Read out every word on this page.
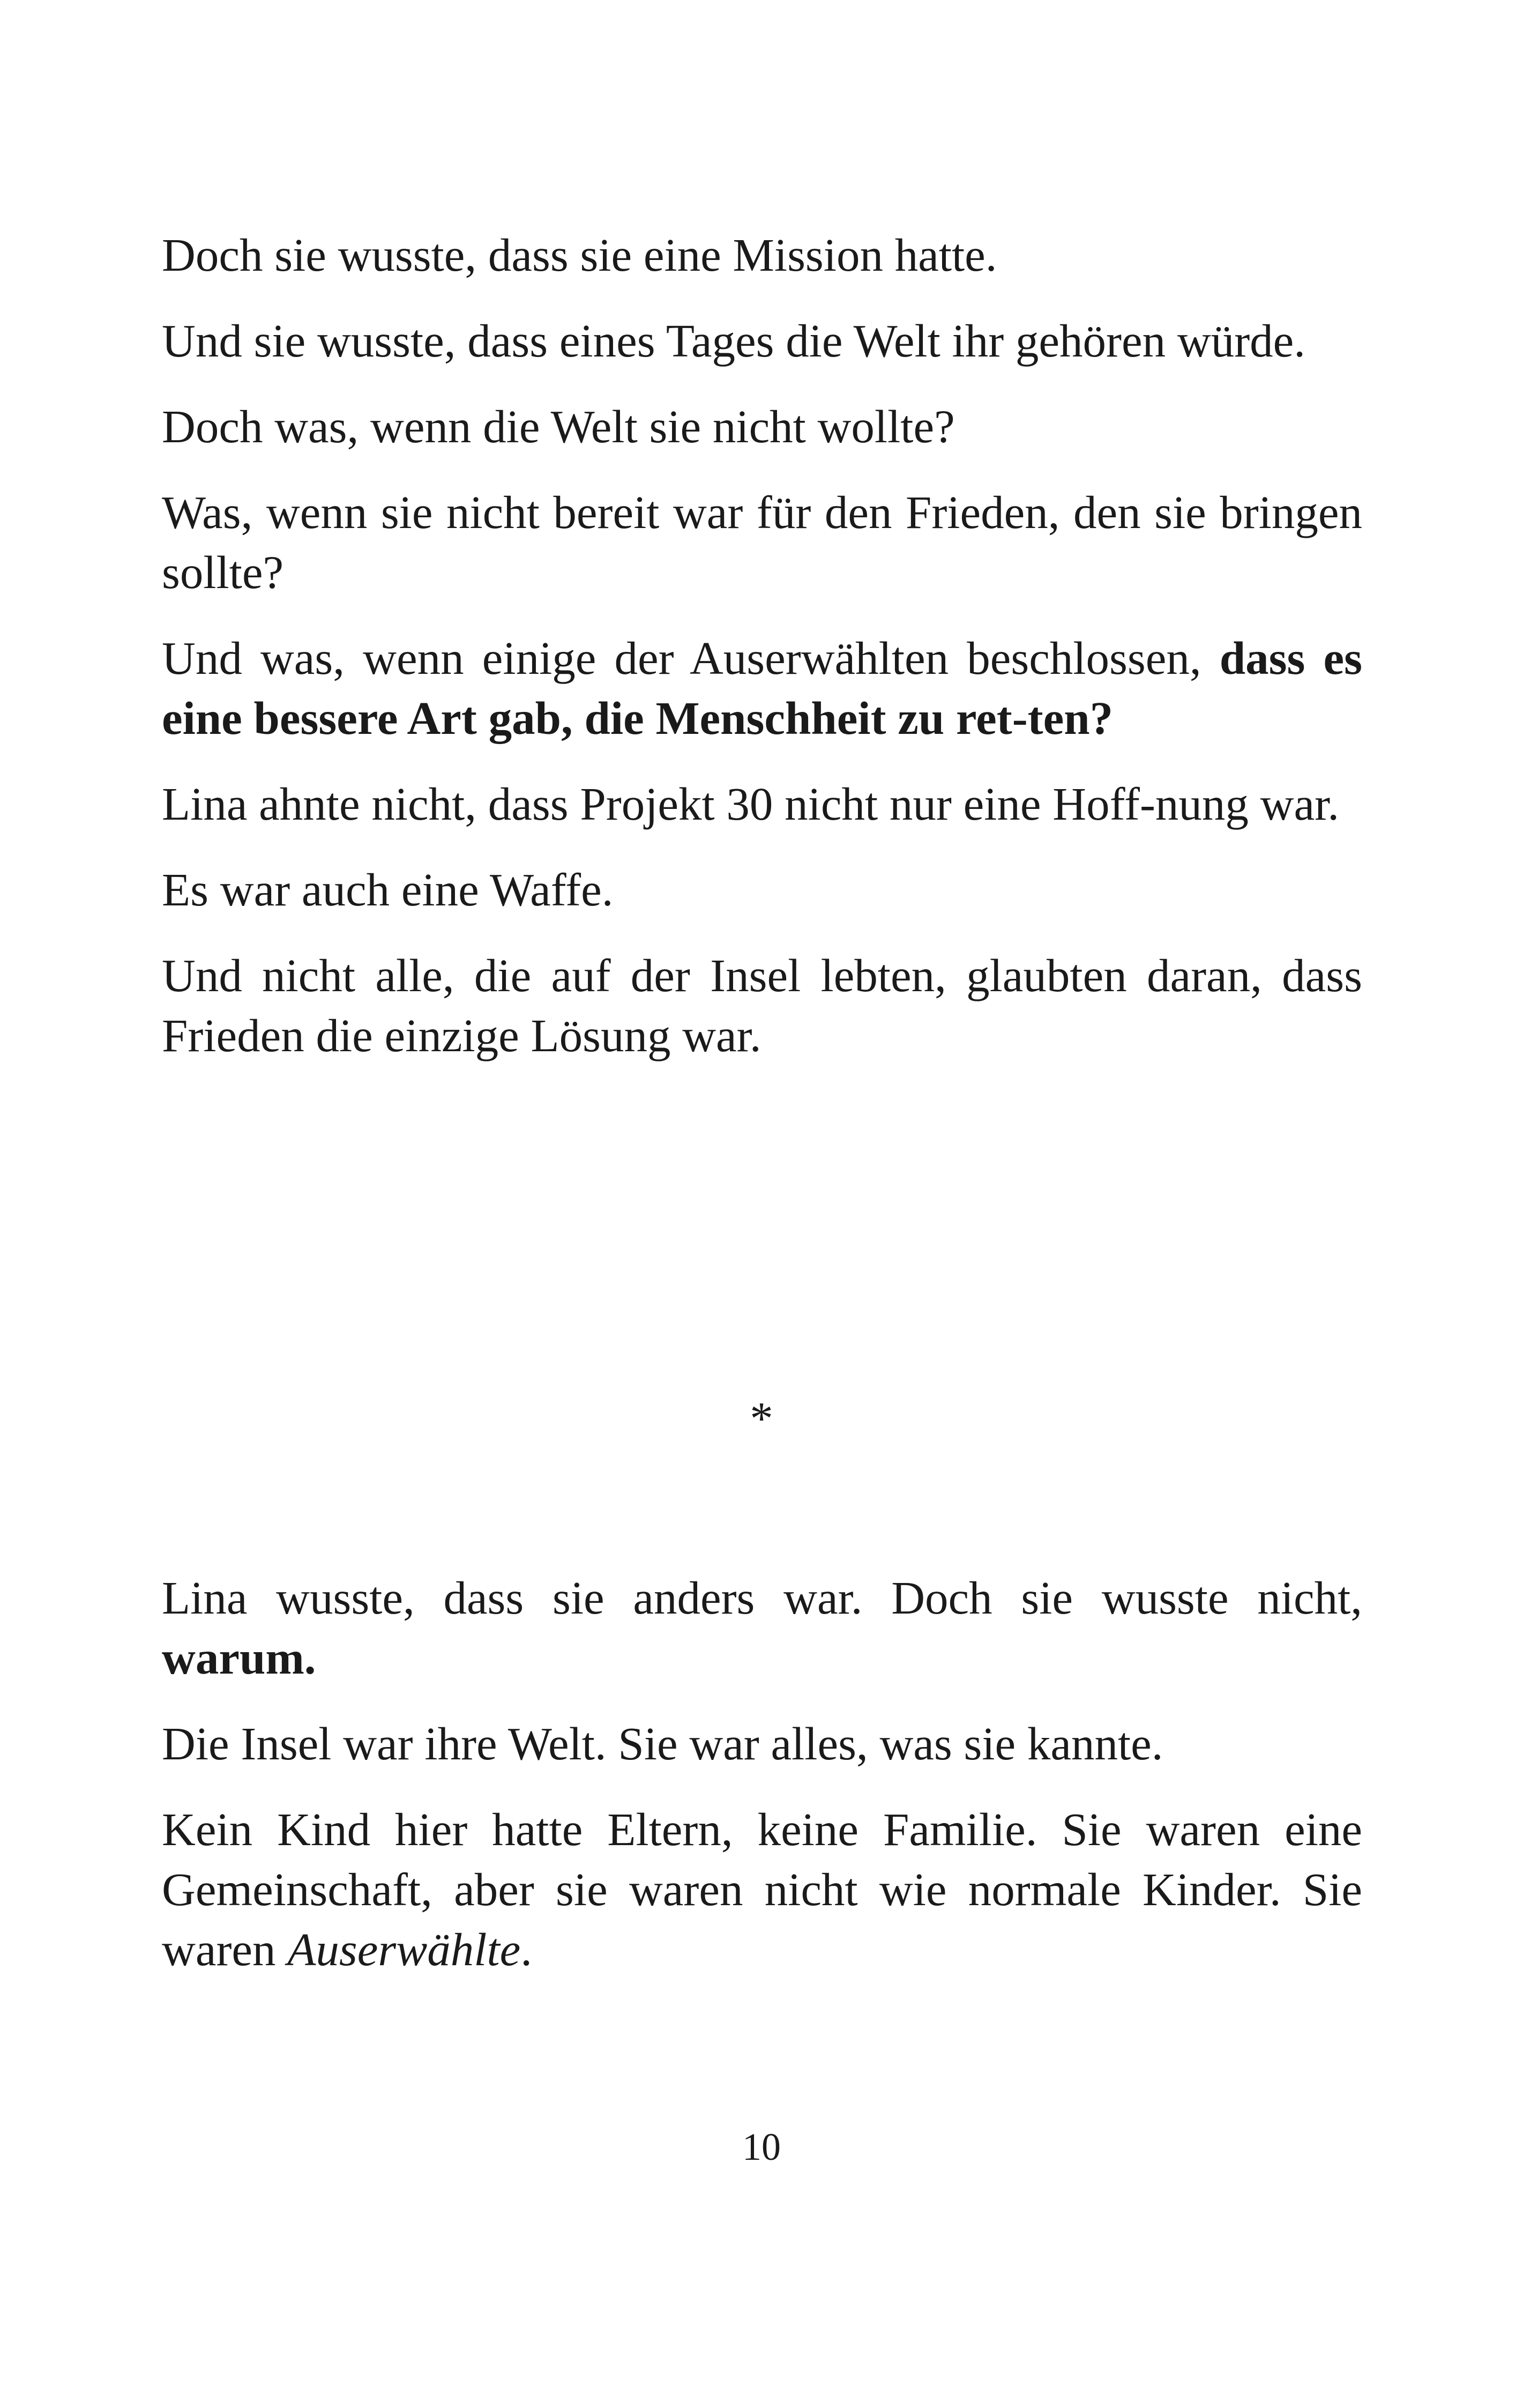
Doch sie wusste, dass sie eine Mission hatte.

Und sie wusste, dass eines Tages die Welt ihr gehören würde.

Doch was, wenn die Welt sie nicht wollte?

Was, wenn sie nicht bereit war für den Frieden, den sie bringen sollte?

Und was, wenn einige der Auserwählten beschlossen, dass es eine bessere Art gab, die Menschheit zu ret-ten?

Lina ahnte nicht, dass Projekt 30 nicht nur eine Hoff-nung war.

Es war auch eine Waffe.

Und nicht alle, die auf der Insel lebten, glaubten daran, dass Frieden die einzige Lösung war.

*

Lina wusste, dass sie anders war. Doch sie wusste nicht, warum.

Die Insel war ihre Welt. Sie war alles, was sie kannte.

Kein Kind hier hatte Eltern, keine Familie. Sie waren eine Gemeinschaft, aber sie waren nicht wie normale Kinder. Sie waren Auserwählte.

10
